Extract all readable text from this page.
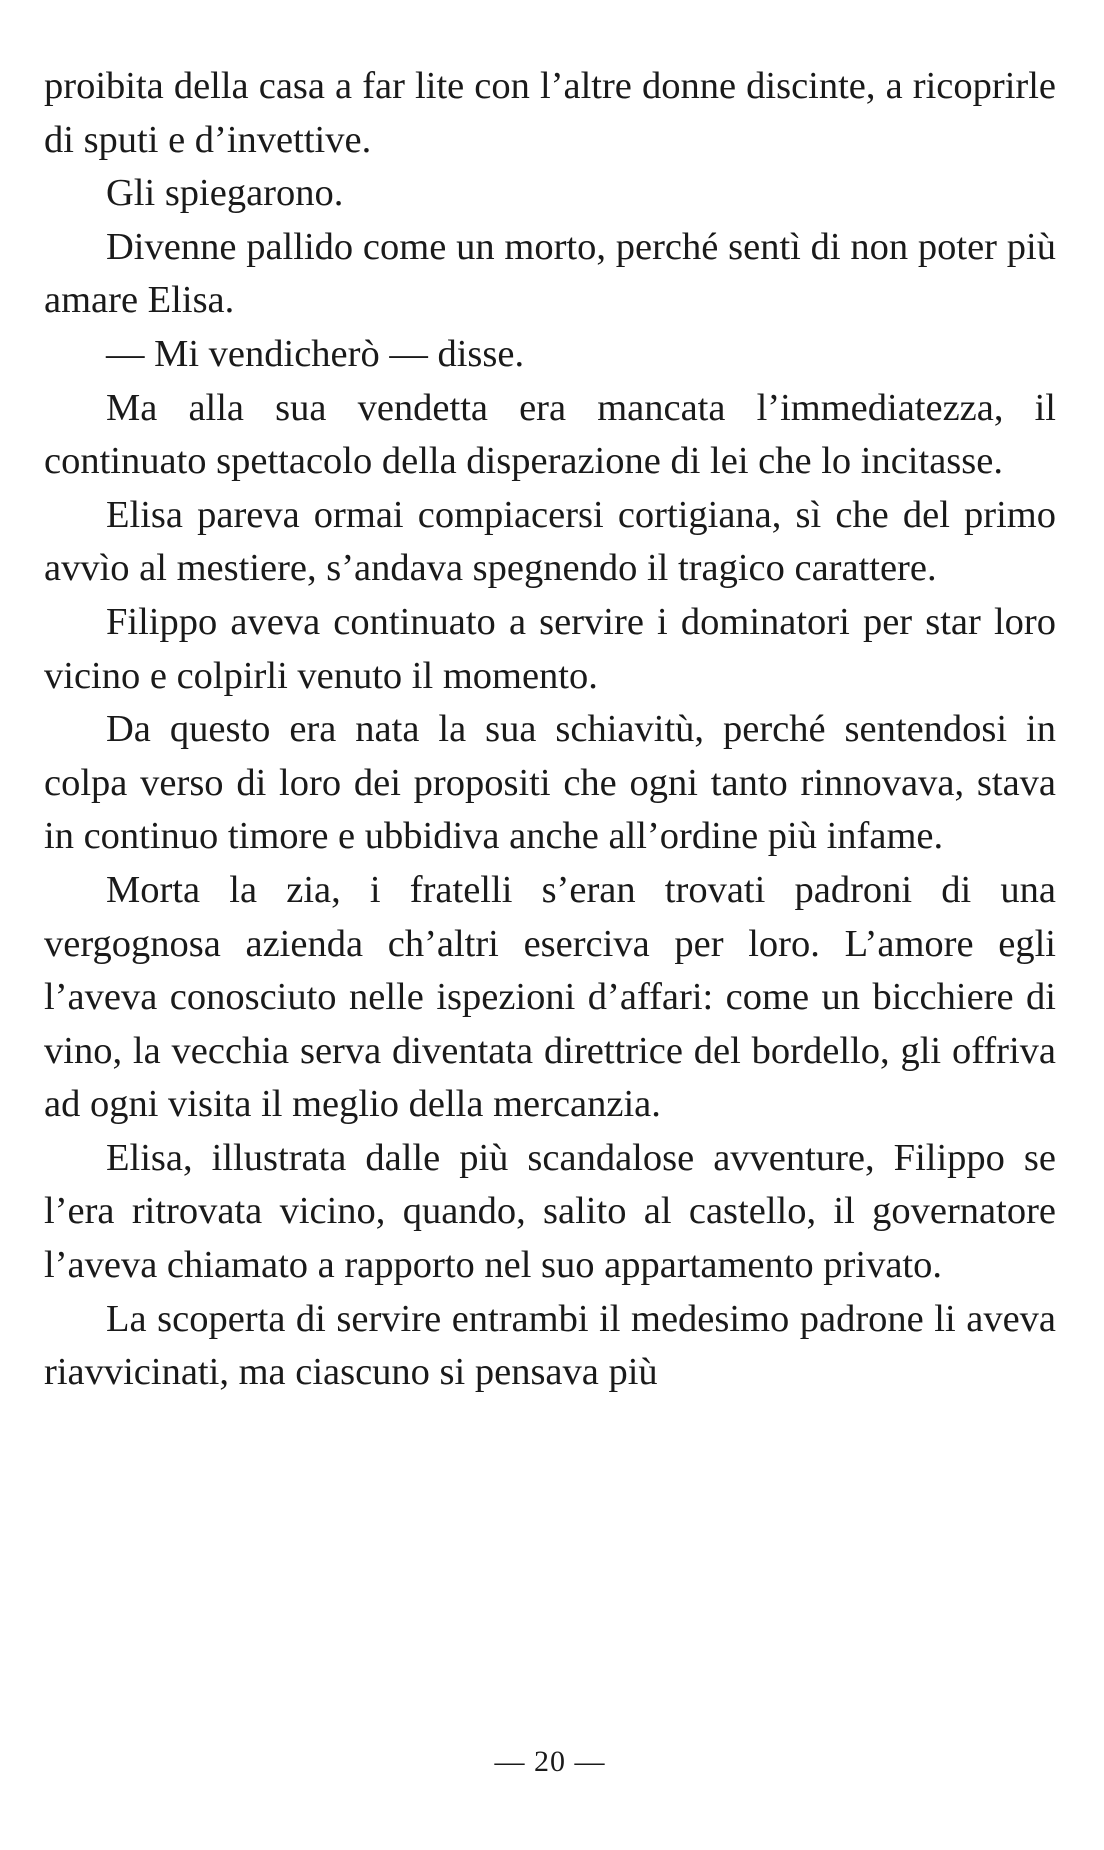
proibita della casa a far lite con l’altre donne discinte, a ricoprirle di sputi e d’invettive.

Gli spiegarono.

Divenne pallido come un morto, perché sentì di non poter più amare Elisa.

— Mi vendicherò — disse.

Ma alla sua vendetta era mancata l’immediatezza, il continuato spettacolo della disperazione di lei che lo incitasse.

Elisa pareva ormai compiacersi cortigiana, sì che del primo avvìo al mestiere, s’andava spegnendo il tragico carattere.

Filippo aveva continuato a servire i dominatori per star loro vicino e colpirli venuto il momento.

Da questo era nata la sua schiavitù, perché sentendosi in colpa verso di loro dei propositi che ogni tanto rinnovava, stava in continuo timore e ubbidiva anche all’ordine più infame.

Morta la zia, i fratelli s’eran trovati padroni di una vergognosa azienda ch’altri eserciva per loro. L’amore egli l’aveva conosciuto nelle ispezioni d’affari: come un bicchiere di vino, la vecchia serva diventata direttrice del bordello, gli offriva ad ogni visita il meglio della mercanzia.

Elisa, illustrata dalle più scandalose avventure, Filippo se l’era ritrovata vicino, quando, salito al castello, il governatore l’aveva chiamato a rapporto nel suo appartamento privato.

La scoperta di servire entrambi il medesimo padrone li aveva riavvicinati, ma ciascuno si pensava più

— 20 —
